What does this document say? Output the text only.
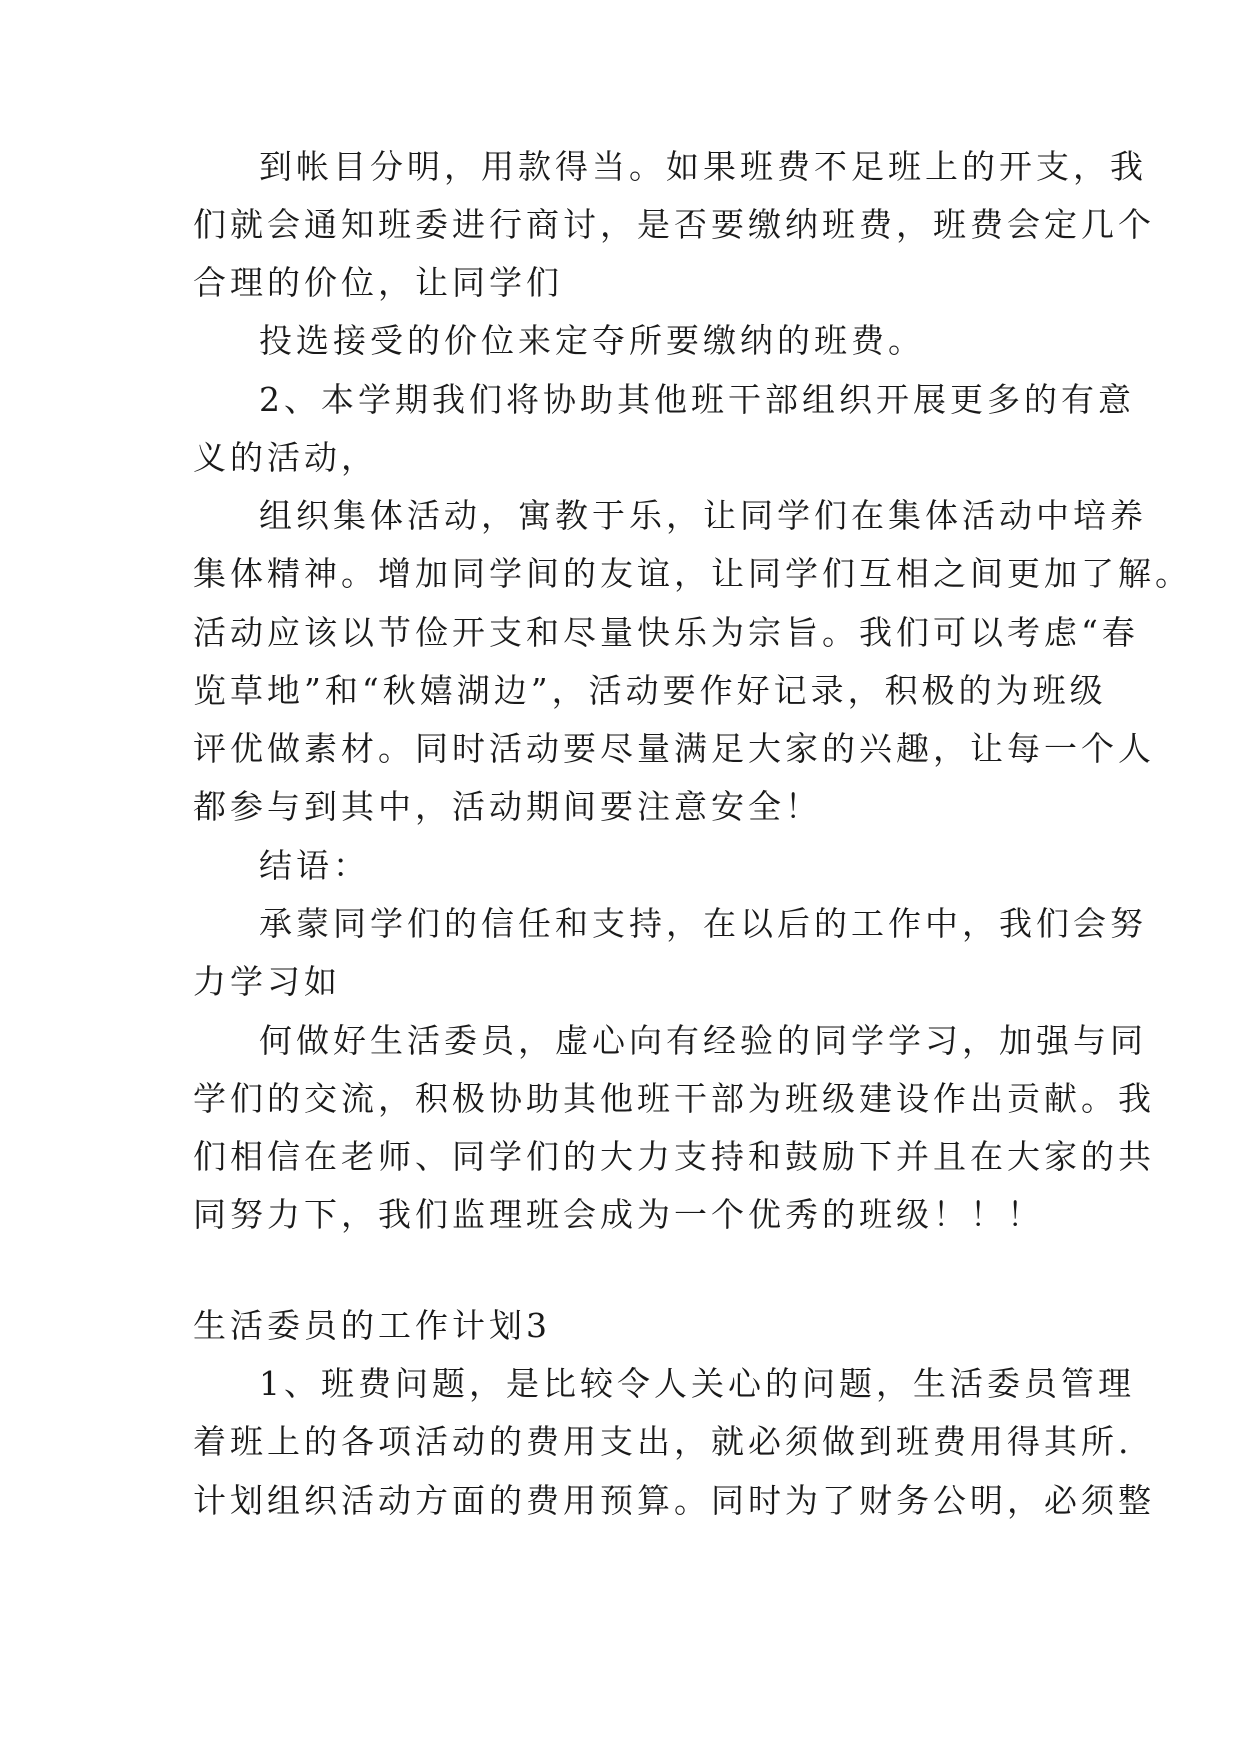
到帐目分明，用款得当。如果班费不足班上的开支，我
们就会通知班委进行商讨，是否要缴纳班费，班费会定几个
合理的价位，让同学们
投选接受的价位来定夺所要缴纳的班费。
2、本学期我们将协助其他班干部组织开展更多的有意
义的活动，
组织集体活动，寓教于乐，让同学们在集体活动中培养
集体精神。增加同学间的友谊，让同学们互相之间更加了解。
活动应该以节俭开支和尽量快乐为宗旨。我们可以考虑“春
览草地”和“秋嬉湖边”，活动要作好记录，积极的为班级
评优做素材。同时活动要尽量满足大家的兴趣，让每一个人
都参与到其中，活动期间要注意安全！
结语：
承蒙同学们的信任和支持，在以后的工作中，我们会努
力学习如
何做好生活委员，虚心向有经验的同学学习，加强与同
学们的交流，积极协助其他班干部为班级建设作出贡献。我
们相信在老师、同学们的大力支持和鼓励下并且在大家的共
同努力下，我们监理班会成为一个优秀的班级！！！
生活委员的工作计划3
1、班费问题，是比较令人关心的问题，生活委员管理
着班上的各项活动的费用支出，就必须做到班费用得其所.
计划组织活动方面的费用预算。同时为了财务公明，必须整
